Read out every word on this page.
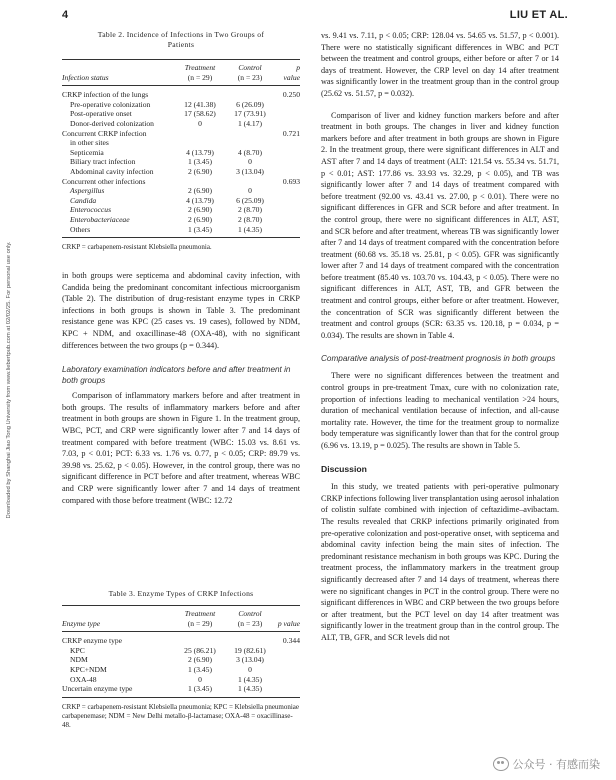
4	LIU ET AL.
Downloaded by Shanghai Jiao Tong University from www.liebertpub.com at 02/02/25. For personal use only.
Table 2. Incidence of Infections in Two Groups of
Patients
	Treatment	Control	p
Infection status	(n = 29)	(n = 23)	value

CRKP infection of the lungs			0.250
Pre-operative colonization	12 (41.38)	6 (26.09)	
Post-operative onset	17 (58.62)	17 (73.91)	
Donor-derived colonization	0	1 (4.17)	
Concurrent CRKP infection			0.721
in other sites			
Septicemia	4 (13.79)	4 (8.70)	
Biliary tract infection	1 (3.45)	0	
Abdominal cavity infection	2 (6.90)	3 (13.04)	
Concurrent other infections			0.693
Aspergillus	2 (6.90)	0	
Candida	4 (13.79)	6 (25.09)	
Enterococcus	2 (6.90)	2 (8.70)	
Enterobacteriaceae	2 (6.90)	2 (8.70)	
Others	1 (3.45)	1 (4.35)	
CRKP = carbapenem-resistant Klebsiella pneumonia.

in both groups were septicema and abdominal cavity infection, with Candida being the predominant concomitant infectious microorganism (Table 2). The distribution of drug-resistant enzyme types in CRKP infections in both groups is shown in Table 3. The predominant resistance gene was KPC (25 cases vs. 19 cases), followed by NDM, KPC + NDM, and oxacillinase-48 (OXA-48), with no significant differences between the two groups (p = 0.344).

Laboratory examination indicators before and after treatment in both groups

Comparison of inflammatory markers before and after treatment in both groups. The results of inflammatory markers before and after treatment in both groups are shown in Figure 1. In the treatment group, WBC, PCT, and CRP were significantly lower after 7 and 14 days of treatment compared with before treatment (WBC: 15.03 vs. 8.61 vs. 7.03, p < 0.01; PCT: 6.33 vs. 1.76 vs. 0.77, p < 0.05; CRP: 89.79 vs. 39.98 vs. 25.62, p < 0.05). However, in the control group, there was no significant difference in PCT before and after treatment, whereas WBC and CRP were significantly lower after 7 and 14 days of treatment compared with those before treatment (WBC: 12.72

Table 3. Enzyme Types of CRKP Infections
	Treatment	Control	
Enzyme type	(n = 29)	(n = 23)	p value

CRKP enzyme type			0.344
KPC	25 (86.21)	19 (82.61)	
NDM	2 (6.90)	3 (13.04)	
KPC+NDM	1 (3.45)	0	
OXA-48	0	1 (4.35)	
Uncertain enzyme type	1 (3.45)	1 (4.35)	
CRKP = carbapenem-resistant Klebsiella pneumonia; KPC = Klebsiella pneumoniae carbapenemase; NDM = New Delhi metallo-β-lactamase; OXA-48 = oxacillinase-48.

vs. 9.41 vs. 7.11, p < 0.05; CRP: 128.04 vs. 54.65 vs. 51.57, p < 0.001). There were no statistically significant differences in WBC and PCT between the treatment and control groups, either before or after 7 or 14 days of treatment. However, the CRP level on day 14 after treatment was significantly lower in the treatment group than in the control group (25.62 vs. 51.57, p = 0.032).

Comparison of liver and kidney function markers before and after treatment in both groups. The changes in liver and kidney function markers before and after treatment in both groups are shown in Figure 2. In the treatment group, there were significant differences in ALT and AST after 7 and 14 days of treatment (ALT: 121.54 vs. 55.34 vs. 51.71, p < 0.01; AST: 177.86 vs. 33.93 vs. 32.29, p < 0.05), and TB was significantly lower after 7 and 14 days of treatment compared with before treatment (92.00 vs. 43.41 vs. 27.00, p < 0.01). There were no significant differences in GFR and SCR before and after treatment. In the control group, there were no significant differences in ALT, AST, and SCR before and after treatment, whereas TB was significantly lower after 7 and 14 days of treatment compared with the concentration before treatment (60.68 vs. 35.18 vs. 25.81, p < 0.05). GFR was significantly lower after 7 and 14 days of treatment compared with the concentration before treatment (85.40 vs. 103.70 vs. 104.43, p < 0.05). There were no significant differences in ALT, AST, TB, and GFR between the treatment and control groups, either before or after treatment. However, the concentration of SCR was significantly different between the treatment and control groups (SCR: 63.35 vs. 120.18, p = 0.034, p = 0.034). The results are shown in Table 4.

Comparative analysis of post-treatment prognosis in both groups

There were no significant differences between the treatment and control groups in pre-treatment Tmax, cure with no colonization rate, proportion of infections leading to mechanical ventilation >24 hours, duration of mechanical ventilation because of infection, and all-cause mortality rate. However, the time for the treatment group to normalize body temperature was significantly lower than that for the control group (6.96 vs. 13.19, p = 0.025). The results are shown in Table 5.

Discussion

In this study, we treated patients with peri-operative pulmonary CRKP infections following liver transplantation using aerosol inhalation of colistin sulfate combined with injection of ceftazidime–avibactam. The results revealed that CRKP infections primarily originated from pre-operative colonization and post-operative onset, with septicema and abdominal cavity infection being the main sites of infection. The predominant resistance mechanism in both groups was KPC. During the treatment process, the inflammatory markers in the treatment group significantly decreased after 7 and 14 days of treatment, whereas there were no significant changes in PCT in the control group. There were no significant differences in WBC and CRP between the two groups before or after treatment, but the PCT level on day 14 after treatment was significantly lower in the treatment group than in the control group. The ALT, TB, GFR, and SCR levels did not

公众号 · 有感而染
